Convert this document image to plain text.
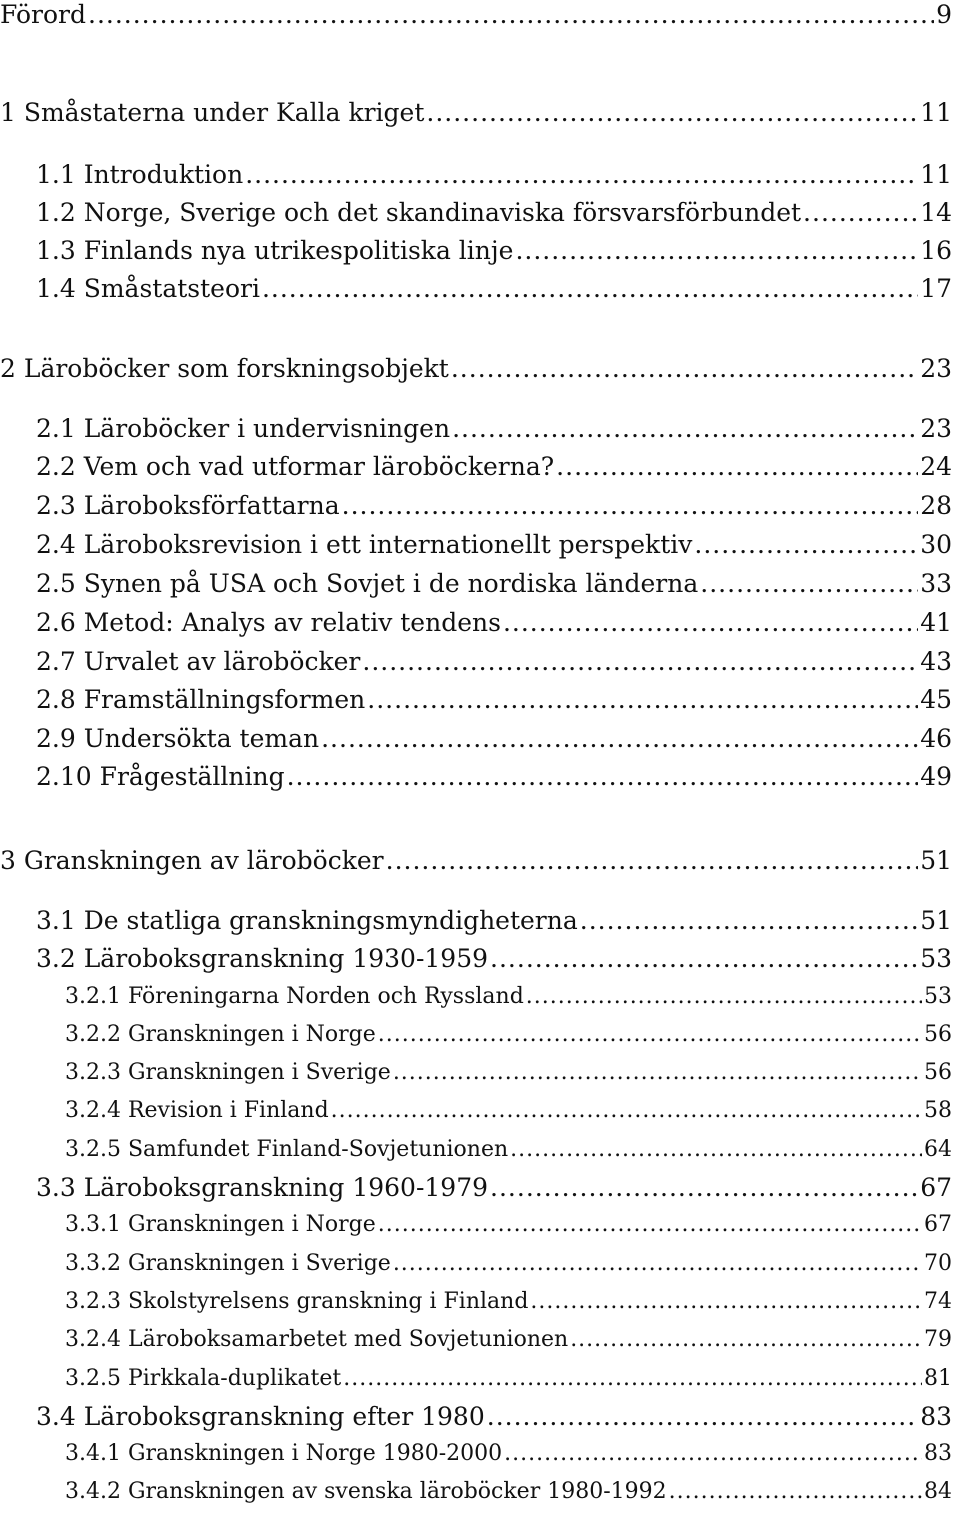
Förord .....	9
1 Småstaterna under Kalla kriget .....	11
1.1 Introduktion .....	11
1.2 Norge, Sverige och det skandinaviska försvarsförbundet .....	14
1.3 Finlands nya utrikespolitiska linje .....	16
1.4 Småstatsteori .....	17
2 Läroböcker som forskningsobjekt .....	23
2.1 Läroböcker i undervisningen .....	23
2.2 Vem och vad utformar läroböckerna? .....	24
2.3 Läroboksförfattarna .....	28
2.4 Läroboksrevision i ett internationellt perspektiv .....	30
2.5 Synen på USA och Sovjet i de nordiska länderna .....	33
2.6 Metod: Analys av relativ tendens .....	41
2.7 Urvalet av läroböcker .....	43
2.8 Framställningsformen .....	45
2.9 Undersökta teman .....	46
2.10 Frågeställning .....	49
3 Granskningen av läroböcker .....	51
3.1 De statliga granskningsmyndigheterna .....	51
3.2 Läroboksgranskning 1930-1959 .....	53
3.2.1 Föreningarna Norden och Ryssland .....	53
3.2.2 Granskningen i Norge .....	56
3.2.3 Granskningen i Sverige .....	56
3.2.4 Revision i Finland .....	58
3.2.5 Samfundet Finland-Sovjetunionen .....	64
3.3 Läroboksgranskning 1960-1979 .....	67
3.3.1 Granskningen i Norge .....	67
3.3.2 Granskningen i Sverige .....	70
3.2.3 Skolstyrelsens granskning i Finland .....	74
3.2.4 Läroboksamarbetet med Sovjetunionen .....	79
3.2.5 Pirkkala-duplikatet .....	81
3.4 Läroboksgranskning efter 1980 .....	83
3.4.1 Granskningen i Norge 1980-2000 .....	83
3.4.2 Granskningen av svenska läroböcker 1980-1992 .....	84
